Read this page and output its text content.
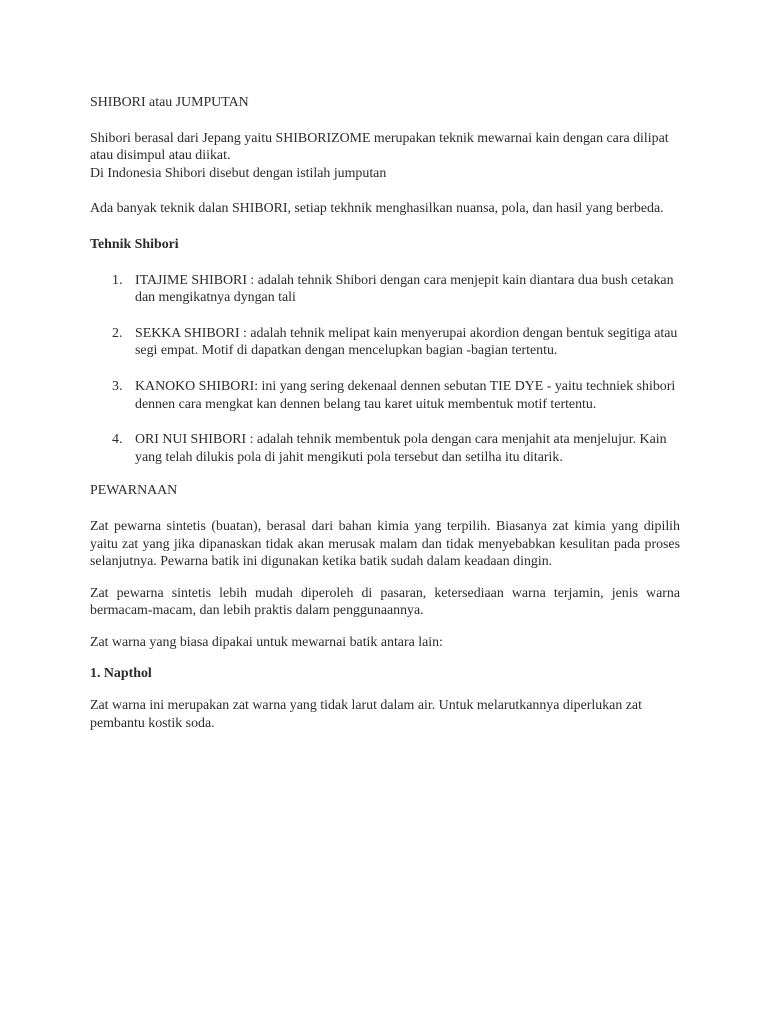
SHIBORI atau JUMPUTAN

Shibori berasal dari Jepang yaitu SHIBORIZOME merupakan teknik mewarnai kain dengan cara dilipat atau disimpul atau diikat.

Di Indonesia Shibori disebut dengan istilah jumputan

Ada banyak teknik dalan SHIBORI, setiap tekhnik menghasilkan nuansa, pola, dan hasil yang berbeda.

Tehnik Shibori

1. ITAJIME SHIBORI : adalah tehnik Shibori dengan cara menjepit kain diantara dua bush cetakan dan mengikatnya dyngan tali
2. SEKKA SHIBORI : adalah tehnik melipat kain menyerupai akordion dengan bentuk segitiga atau segi empat. Motif di dapatkan dengan mencelupkan bagian -bagian tertentu.
3. KANOKO SHIBORI: ini yang sering dekenaal dennen sebutan TIE DYE - yaitu techniek shibori dennen cara mengkat kan dennen belang tau karet uituk membentuk motif tertentu.
4. ORI NUI SHIBORI : adalah tehnik membentuk pola dengan cara menjahit ata menjelujur. Kain yang telah dilukis pola di jahit mengikuti pola tersebut dan setilha itu ditarik.

PEWARNAAN

Zat pewarna sintetis (buatan), berasal dari bahan kimia yang terpilih. Biasanya zat kimia yang dipilih yaitu zat yang jika dipanaskan tidak akan merusak malam dan tidak menyebabkan kesulitan pada proses selanjutnya. Pewarna batik ini digunakan ketika batik sudah dalam keadaan dingin.

Zat pewarna sintetis lebih mudah diperoleh di pasaran, ketersediaan warna terjamin, jenis warna bermacam-macam, dan lebih praktis dalam penggunaannya.

Zat warna yang biasa dipakai untuk mewarnai batik antara lain:

1. Napthol

Zat warna ini merupakan zat warna yang tidak larut dalam air. Untuk melarutkannya diperlukan zat pembantu kostik soda.
